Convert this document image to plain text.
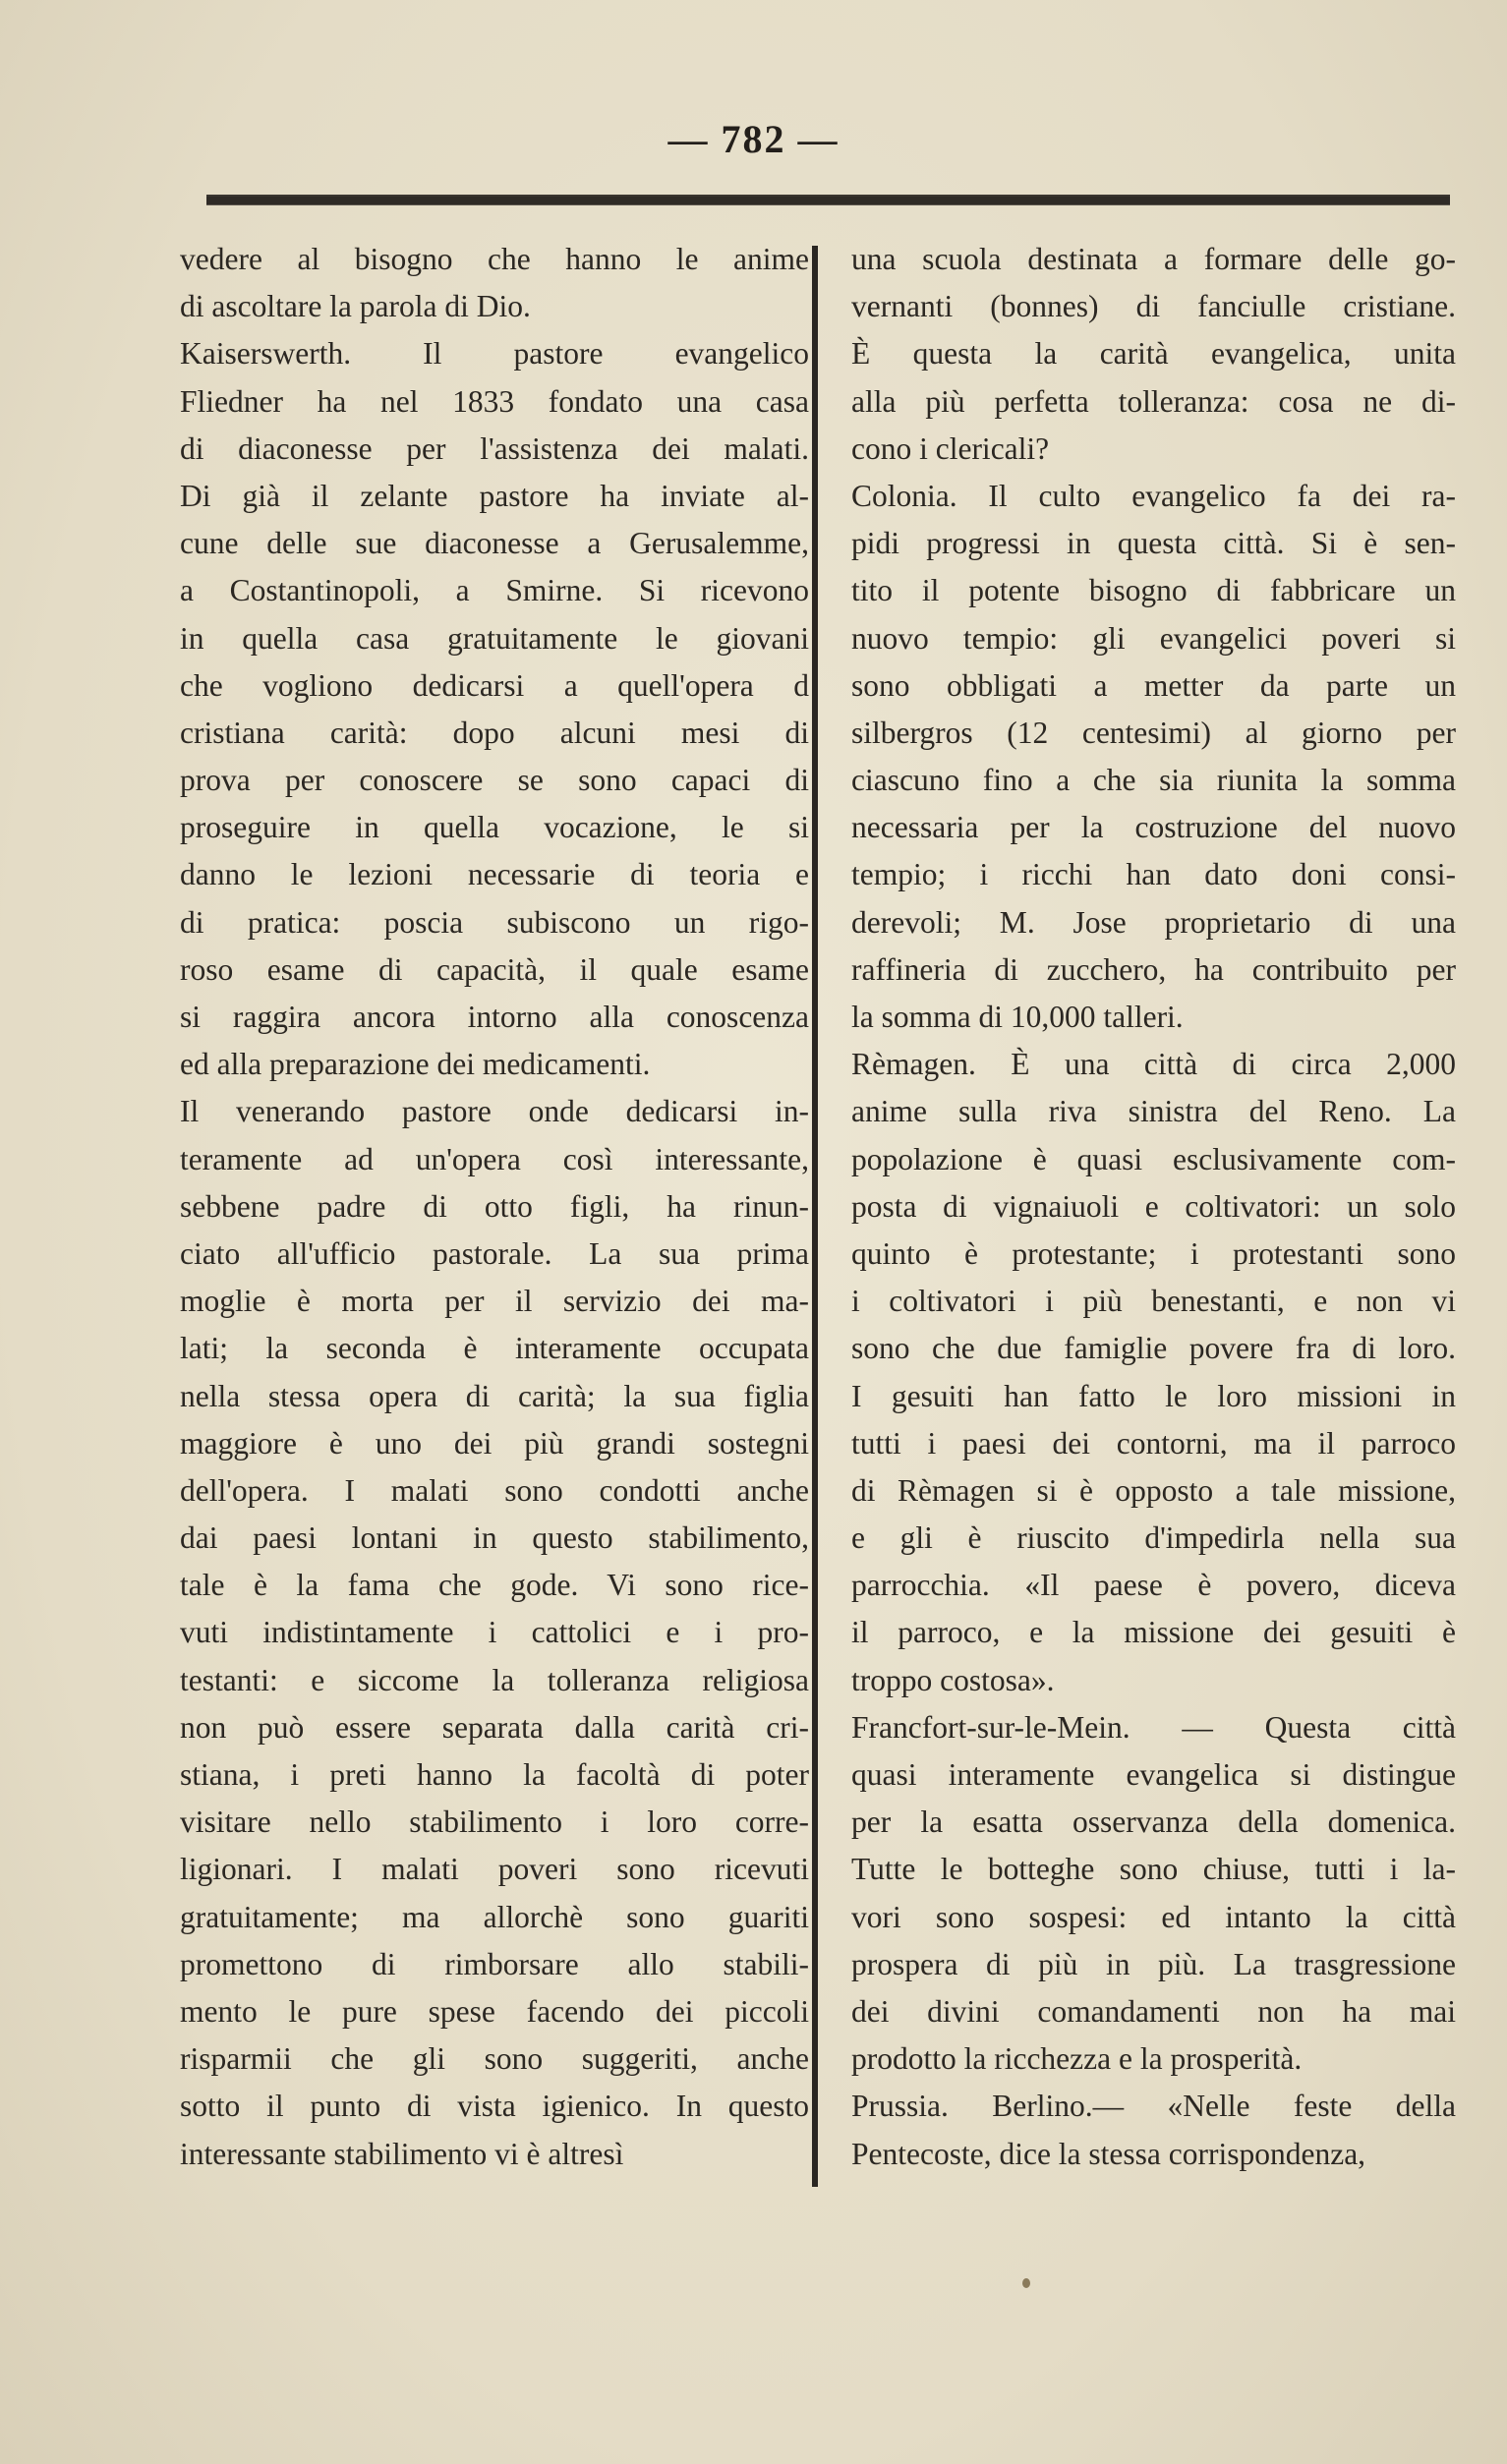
— 782 —
vedere al bisogno che hanno le anime
di ascoltare la parola di Dio.
Kaiserswerth. Il pastore evangelico
Fliedner ha nel 1833 fondato una casa
di diaconesse per l'assistenza dei malati.
Di già il zelante pastore ha inviate al-
cune delle sue diaconesse a Gerusalemme,
a Costantinopoli, a Smirne. Si ricevono
in quella casa gratuitamente le giovani
che vogliono dedicarsi a quell'opera d
cristiana carità: dopo alcuni mesi di
prova per conoscere se sono capaci di
proseguire in quella vocazione, le si
danno le lezioni necessarie di teoria e
di pratica: poscia subiscono un rigo-
roso esame di capacità, il quale esame
si raggira ancora intorno alla conoscenza
ed alla preparazione dei medicamenti.
Il venerando pastore onde dedicarsi in-
teramente ad un'opera così interessante,
sebbene padre di otto figli, ha rinun-
ciato all'ufficio pastorale. La sua prima
moglie è morta per il servizio dei ma-
lati; la seconda è interamente occupata
nella stessa opera di carità; la sua figlia
maggiore è uno dei più grandi sostegni
dell'opera. I malati sono condotti anche
dai paesi lontani in questo stabilimento,
tale è la fama che gode. Vi sono rice-
vuti indistintamente i cattolici e i pro-
testanti: e siccome la tolleranza religiosa
non può essere separata dalla carità cri-
stiana, i preti hanno la facoltà di poter
visitare nello stabilimento i loro corre-
ligionari. I malati poveri sono ricevuti
gratuitamente; ma allorchè sono guariti
promettono di rimborsare allo stabili-
mento le pure spese facendo dei piccoli
risparmii che gli sono suggeriti, anche
sotto il punto di vista igienico. In questo
interessante stabilimento vi è altresì
una scuola destinata a formare delle go-
vernanti (bonnes) di fanciulle cristiane.
È questa la carità evangelica, unita
alla più perfetta tolleranza: cosa ne di-
cono i clericali?
Colonia. Il culto evangelico fa dei ra-
pidi progressi in questa città. Si è sen-
tito il potente bisogno di fabbricare un
nuovo tempio: gli evangelici poveri si
sono obbligati a metter da parte un
silbergros (12 centesimi) al giorno per
ciascuno fino a che sia riunita la somma
necessaria per la costruzione del nuovo
tempio; i ricchi han dato doni consi-
derevoli; M. Jose proprietario di una
raffineria di zucchero, ha contribuito per
la somma di 10,000 talleri.
Rèmagen. È una città di circa 2,000
anime sulla riva sinistra del Reno. La
popolazione è quasi esclusivamente com-
posta di vignaiuoli e coltivatori: un solo
quinto è protestante; i protestanti sono
i coltivatori i più benestanti, e non vi
sono che due famiglie povere fra di loro.
I gesuiti han fatto le loro missioni in
tutti i paesi dei contorni, ma il parroco
di Rèmagen si è opposto a tale missione,
e gli è riuscito d'impedirla nella sua
parrocchia. «Il paese è povero, diceva
il parroco, e la missione dei gesuiti è
troppo costosa».
Francfort-sur-le-Mein. — Questa città
quasi interamente evangelica si distingue
per la esatta osservanza della domenica.
Tutte le botteghe sono chiuse, tutti i la-
vori sono sospesi: ed intanto la città
prospera di più in più. La trasgressione
dei divini comandamenti non ha mai
prodotto la ricchezza e la prosperità.
Prussia. Berlino.— «Nelle feste della
Pentecoste, dice la stessa corrispondenza,
